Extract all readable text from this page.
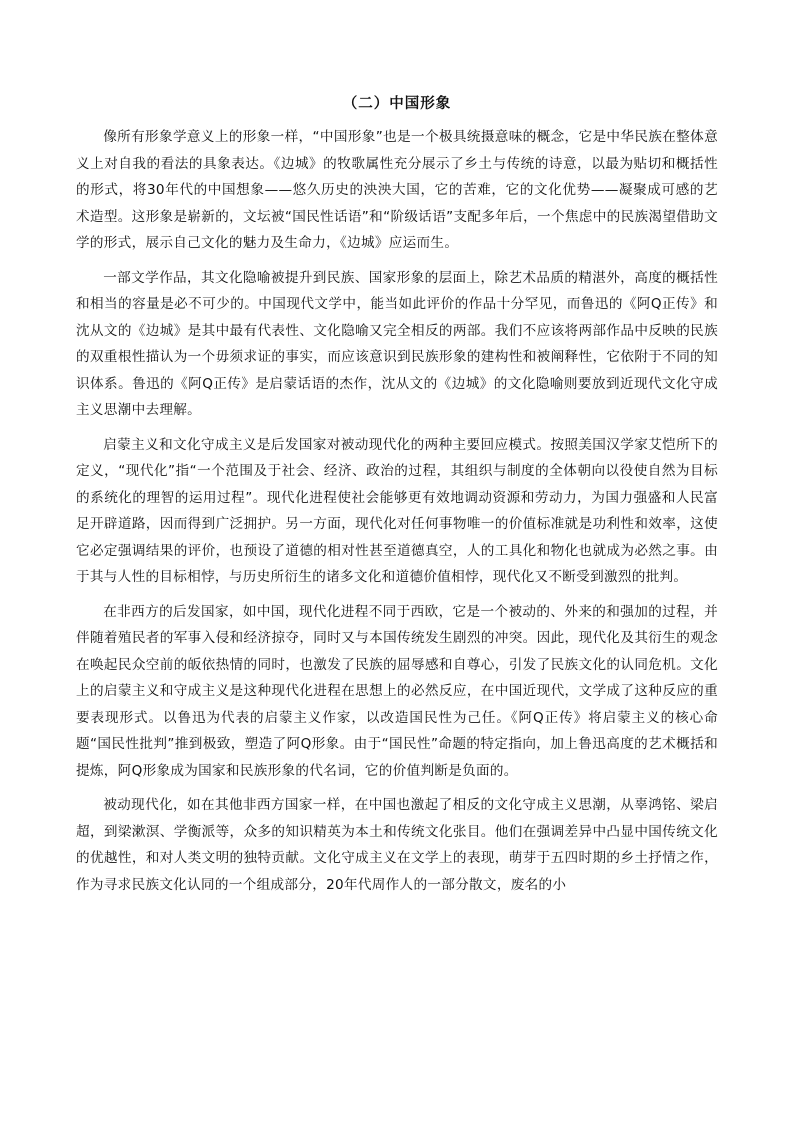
（二）中国形象

像所有形象学意义上的形象一样，“中国形象”也是一个极具统摄意味的概念，它是中华民族在整体意义上对自我的看法的具象表达。《边城》的牧歌属性充分展示了乡土与传统的诗意，以最为贴切和概括性的形式，将30年代的中国想象——悠久历史的泱泱大国，它的苦难，它的文化优势——凝聚成可感的艺术造型。这形象是崭新的，文坛被“国民性话语”和“阶级话语”支配多年后，一个焦虑中的民族渴望借助文学的形式，展示自己文化的魅力及生命力，《边城》应运而生。

一部文学作品，其文化隐喻被提升到民族、国家形象的层面上，除艺术品质的精湛外，高度的概括性和相当的容量是必不可少的。中国现代文学中，能当如此评价的作品十分罕见，而鲁迅的《阿Q正传》和沈从文的《边城》是其中最有代表性、文化隐喻又完全相反的两部。我们不应该将两部作品中反映的民族的双重根性描认为一个毋须求证的事实，而应该意识到民族形象的建构性和被阐释性，它依附于不同的知识体系。鲁迅的《阿Q正传》是启蒙话语的杰作，沈从文的《边城》的文化隐喻则要放到近现代文化守成主义思潮中去理解。

启蒙主义和文化守成主义是后发国家对被动现代化的两种主要回应模式。按照美国汉学家艾恺所下的定义，“现代化”指“一个范围及于社会、经济、政治的过程，其组织与制度的全体朝向以役使自然为目标的系统化的理智的运用过程”。现代化进程使社会能够更有效地调动资源和劳动力，为国力强盛和人民富足开辟道路，因而得到广泛拥护。另一方面，现代化对任何事物唯一的价值标准就是功利性和效率，这使它必定强调结果的评价，也预设了道德的相对性甚至道德真空，人的工具化和物化也就成为必然之事。由于其与人性的目标相悖，与历史所衍生的诸多文化和道德价值相悖，现代化又不断受到激烈的批判。

在非西方的后发国家，如中国，现代化进程不同于西欧，它是一个被动的、外来的和强加的过程，并伴随着殖民者的军事入侵和经济掠夺，同时又与本国传统发生剧烈的冲突。因此，现代化及其衍生的观念在唤起民众空前的皈依热情的同时，也激发了民族的屈辱感和自尊心，引发了民族文化的认同危机。文化上的启蒙主义和守成主义是这种现代化进程在思想上的必然反应，在中国近现代，文学成了这种反应的重要表现形式。以鲁迅为代表的启蒙主义作家，以改造国民性为己任。《阿Q正传》将启蒙主义的核心命题“国民性批判”推到极致，塑造了阿Q形象。由于“国民性”命题的特定指向，加上鲁迅高度的艺术概括和提炼，阿Q形象成为国家和民族形象的代名词，它的价值判断是负面的。

被动现代化，如在其他非西方国家一样，在中国也激起了相反的文化守成主义思潮，从辜鸿铭、梁启超，到梁漱溟、学衡派等，众多的知识精英为本土和传统文化张目。他们在强调差异中凸显中国传统文化的优越性，和对人类文明的独特贡献。文化守成主义在文学上的表现，萌芽于五四时期的乡土抒情之作，作为寻求民族文化认同的一个组成部分，20年代周作人的一部分散文，废名的小
